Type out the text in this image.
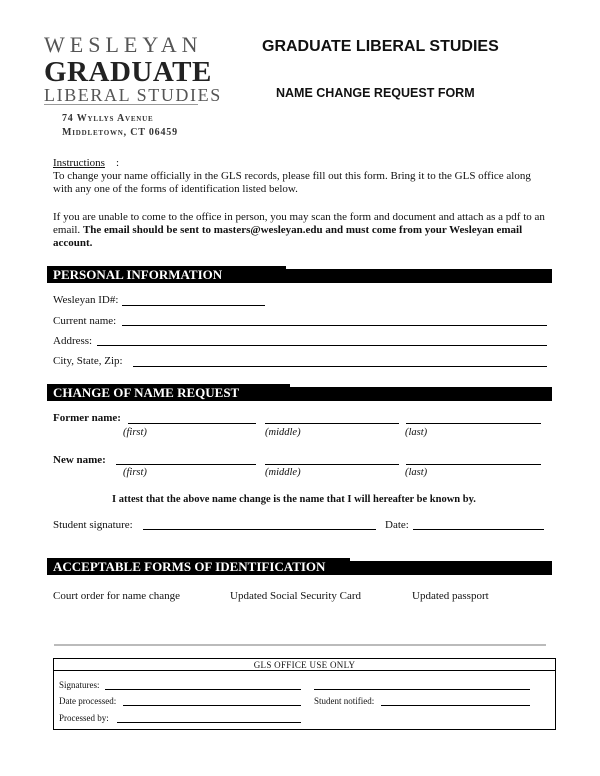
WESLEYAN
GRADUATE
LIBERAL STUDIES
74 Wyllys Avenue
Middletown, CT 06459
GRADUATE LIBERAL STUDIES
NAME CHANGE REQUEST FORM
Instructions :
To change your name officially in the GLS records, please fill out this form. Bring it to the GLS office along with any one of the forms of identification listed below.
If you are unable to come to the office in person, you may scan the form and document and attach as a pdf to an email. The email should be sent to masters@wesleyan.edu and must come from your Wesleyan email account.
PERSONAL INFORMATION
Wesleyan ID#:
Current name:
Address:
City, State, Zip:
CHANGE OF NAME REQUEST
Former name:
(first)	(middle)	(last)
New name:
(first)	(middle)	(last)
I attest that the above name change is the name that I will hereafter be known by.
Student signature:	Date:
ACCEPTABLE FORMS OF IDENTIFICATION
Court order for name change	Updated Social Security Card	Updated passport
GLS OFFICE USE ONLY
Signatures:
Date processed:	Student notified:
Processed by:
